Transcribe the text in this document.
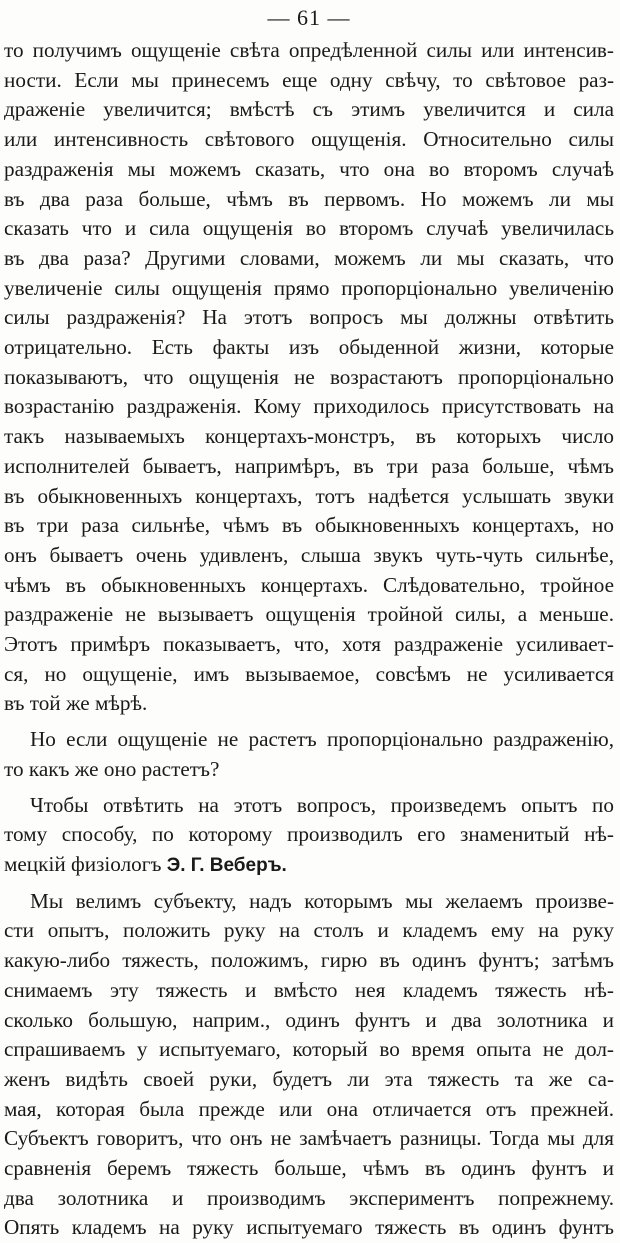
— 61 —

то получимъ ощущеніе свѣта опредѣленной силы или интенсив-
ности. Если мы принесемъ еще одну свѣчу, то свѣтовое раз-
драженіе увеличится; вмѣстѣ съ этимъ увеличится и сила
или интенсивность свѣтового ощущенія. Относительно силы
раздраженія мы можемъ сказать, что она во второмъ случаѣ
въ два раза больше, чѣмъ въ первомъ. Но можемъ ли мы
сказать что и сила ощущенія во второмъ случаѣ увеличилась
въ два раза? Другими словами, можемъ ли мы сказать, что
увеличеніе силы ощущенія прямо пропорціонально увеличенію
силы раздраженія? На этотъ вопросъ мы должны отвѣтить
отрицательно. Есть факты изъ обыденной жизни, которые
показываютъ, что ощущенія не возрастаютъ пропорціонально
возрастанію раздраженія. Кому приходилось присутствовать на
такъ называемыхъ концертахъ-монстръ, въ которыхъ число
исполнителей бываетъ, напримѣръ, въ три раза больше, чѣмъ
въ обыкновенныхъ концертахъ, тотъ надѣется услышать звуки
въ три раза сильнѣе, чѣмъ въ обыкновенныхъ концертахъ, но
онъ бываетъ очень удивленъ, слыша звукъ чуть-чуть сильнѣе,
чѣмъ въ обыкновенныхъ концертахъ. Слѣдовательно, тройное
раздраженіе не вызываетъ ощущенія тройной силы, а меньше.
Этотъ примѣръ показываетъ, что, хотя раздраженіе усиливает-
ся, но ощущеніе, имъ вызываемое, совсѣмъ не усиливается
въ той же мѣрѣ.
Но если ощущеніе не растетъ пропорціонально раздраженію,
то какъ же оно растетъ?
Чтобы отвѣтить на этотъ вопросъ, произведемъ опытъ по
тому способу, по которому производилъ его знаменитый нѣ-
мецкій физіологъ Э. Г. Веберъ.
Мы велимъ субъекту, надъ которымъ мы желаемъ произве-
сти опытъ, положить руку на столъ и кладемъ ему на руку
какую-либо тяжесть, положимъ, гирю въ одинъ фунтъ; затѣмъ
снимаемъ эту тяжесть и вмѣсто нея кладемъ тяжесть нѣ-
сколько большую, наприм., одинъ фунтъ и два золотника и
спрашиваемъ у испытуемаго, который во время опыта не дол-
женъ видѣть своей руки, будетъ ли эта тяжесть та же са-
мая, которая была прежде или она отличается отъ прежней.
Субъектъ говоритъ, что онъ не замѣчаетъ разницы. Тогда мы для
сравненія беремъ тяжесть больше, чѣмъ въ одинъ фунтъ и
два золотника и производимъ экспериментъ попрежнему.
Опять кладемъ на руку испытуемаго тяжесть въ одинъ фунтъ
